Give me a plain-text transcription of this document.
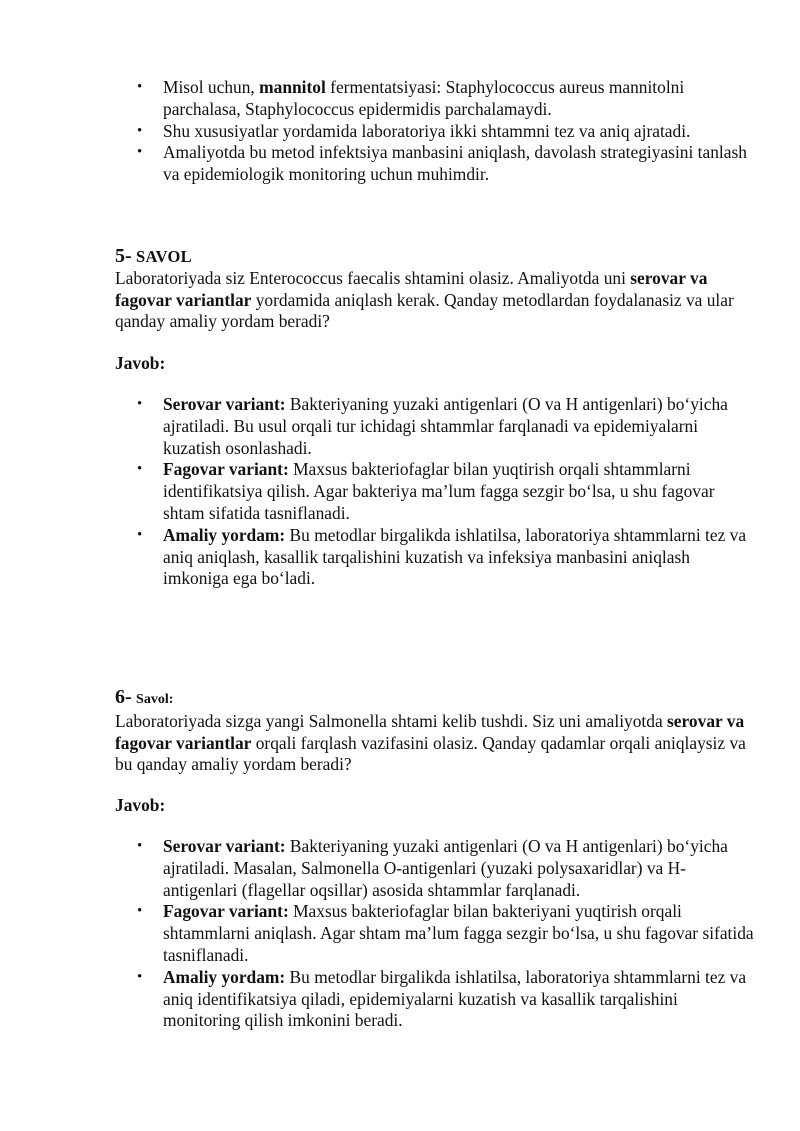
• Misol uchun, mannitol fermentatsiyasi: Staphylococcus aureus mannitolni parchalasa, Staphylococcus epidermidis parchalamaydi.
• Shu xususiyatlar yordamida laboratoriya ikki shtammni tez va aniq ajratadi.
• Amaliyotda bu metod infektsiya manbasini aniqlash, davolash strategiyasini tanlash va epidemiologik monitoring uchun muhimdir.

5- SAVOL

Laboratoriyada siz Enterococcus faecalis shtamini olasiz. Amaliyotda uni serovar va fagovar variantlar yordamida aniqlash kerak. Qanday metodlardan foydalanasiz va ular qanday amaliy yordam beradi?

Javob:

• Serovar variant: Bakteriyaning yuzaki antigenlari (O va H antigenlari) bo‘yicha ajratiladi. Bu usul orqali tur ichidagi shtammlar farqlanadi va epidemiyalarni kuzatish osonlashadi.
• Fagovar variant: Maxsus bakteriofaglar bilan yuqtirish orqali shtammlarni identifikatsiya qilish. Agar bakteriya ma’lum fagga sezgir bo‘lsa, u shu fagovar shtam sifatida tasniflanadi.
• Amaliy yordam: Bu metodlar birgalikda ishlatilsa, laboratoriya shtammlarni tez va aniq aniqlash, kasallik tarqalishini kuzatish va infeksiya manbasini aniqlash imkoniga ega bo‘ladi.

6- Savol:

Laboratoriyada sizga yangi Salmonella shtami kelib tushdi. Siz uni amaliyotda serovar va fagovar variantlar orqali farqlash vazifasini olasiz. Qanday qadamlar orqali aniqlaysiz va bu qanday amaliy yordam beradi?

Javob:

• Serovar variant: Bakteriyaning yuzaki antigenlari (O va H antigenlari) bo‘yicha ajratiladi. Masalan, Salmonella O-antigenlari (yuzaki polysaxaridlar) va H-antigenlari (flagellar oqsillar) asosida shtammlar farqlanadi.
• Fagovar variant: Maxsus bakteriofaglar bilan bakteriyani yuqtirish orqali shtammlarni aniqlash. Agar shtam ma’lum fagga sezgir bo‘lsa, u shu fagovar sifatida tasniflanadi.
• Amaliy yordam: Bu metodlar birgalikda ishlatilsa, laboratoriya shtammlarni tez va aniq identifikatsiya qiladi, epidemiyalarni kuzatish va kasallik tarqalishini monitoring qilish imkonini beradi.
